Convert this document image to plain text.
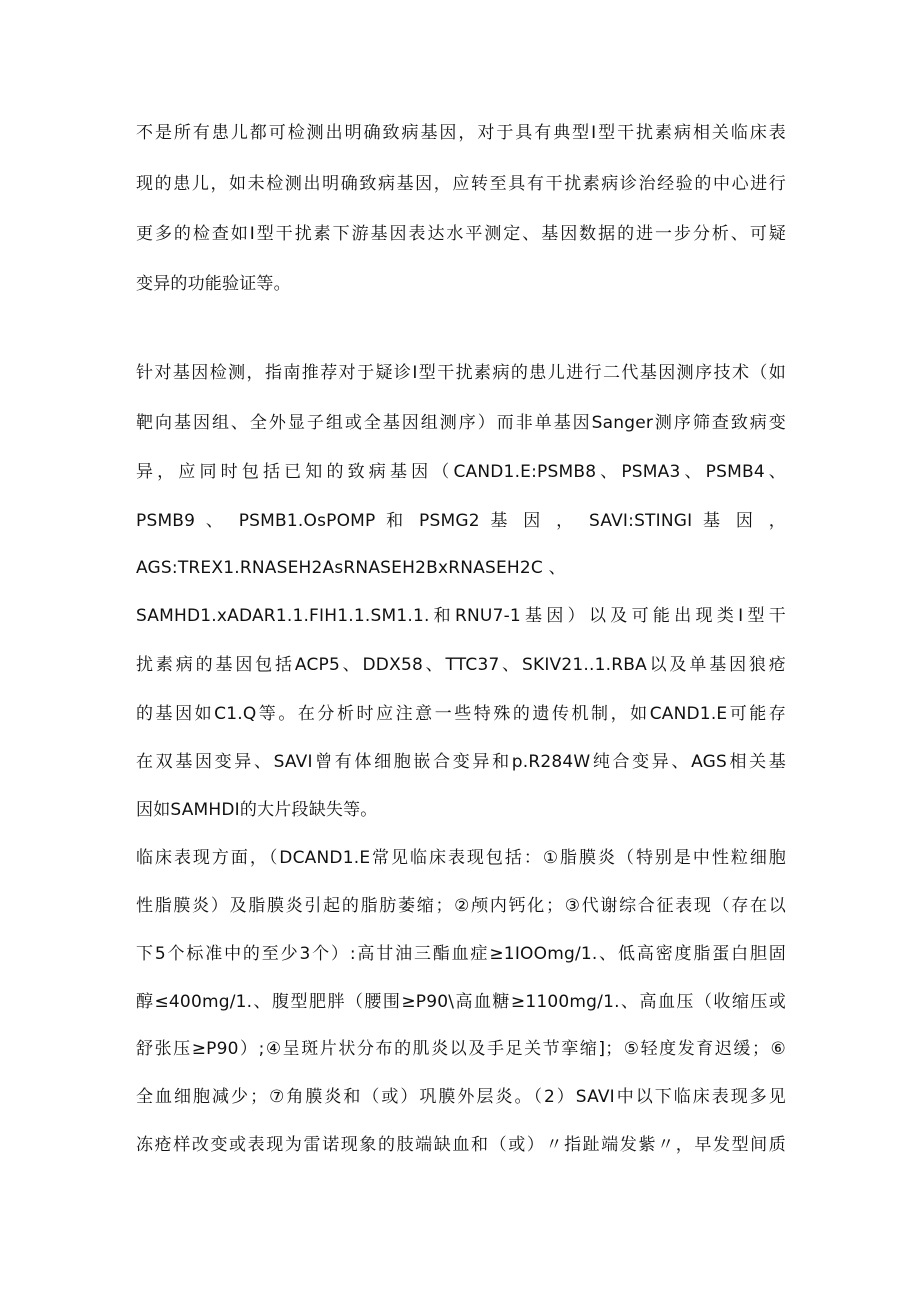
不是所有患儿都可检测出明确致病基因，对于具有典型Ⅰ型干扰素病相关临床表
现的患儿，如未检测出明确致病基因，应转至具有干扰素病诊治经验的中心进行
更多的检查如Ⅰ型干扰素下游基因表达水平测定、基因数据的进一步分析、可疑
变异的功能验证等。
针对基因检测，指南推荐对于疑诊Ⅰ型干扰素病的患儿进行二代基因测序技术（如
靶向基因组、全外显子组或全基因组测序）而非单基因Sanger测序筛查致病变
异，应同时包括已知的致病基因（CAND1.E:PSMB8、PSMA3、PSMB4、
PSMB9 、 PSMB1.OsPOMP 和 PSMG2 基 因 ， SAVI:STINGI 基 因 ，
AGS:TREX1.RNASEH2AsRNASEH2BxRNASEH2C 、
SAMHD1.xADAR1.1.FIH1.1.SM1.1.和RNU7-1基因）以及可能出现类Ⅰ型干
扰素病的基因包括ACP5、DDX58、TTC37、SKIV21..1.RBA以及单基因狼疮
的基因如C1.Q等。在分析时应注意一些特殊的遗传机制，如CAND1.E可能存
在双基因变异、SAVI曾有体细胞嵌合变异和p.R284W纯合变异、AGS相关基
因如SAMHDI的大片段缺失等。
临床表现方面，（DCAND1.E常见临床表现包括：①脂膜炎（特别是中性粒细胞
性脂膜炎）及脂膜炎引起的脂肪萎缩；②颅内钙化；③代谢综合征表现（存在以
下5个标准中的至少3个）:高甘油三酯血症≥1IOOmg/1.、低高密度脂蛋白胆固
醇≤400mg/1.、腹型肥胖（腰围≥P90\高血糖≥1100mg/1.、高血压（收缩压或
舒张压≥P90）;④呈斑片状分布的肌炎以及手足关节挛缩]；⑤轻度发育迟缓；⑥
全血细胞减少；⑦角膜炎和（或）巩膜外层炎。（2）SAVI中以下临床表现多见
冻疮样改变或表现为雷诺现象的肢端缺血和（或）〃指趾端发紫〃，早发型间质
